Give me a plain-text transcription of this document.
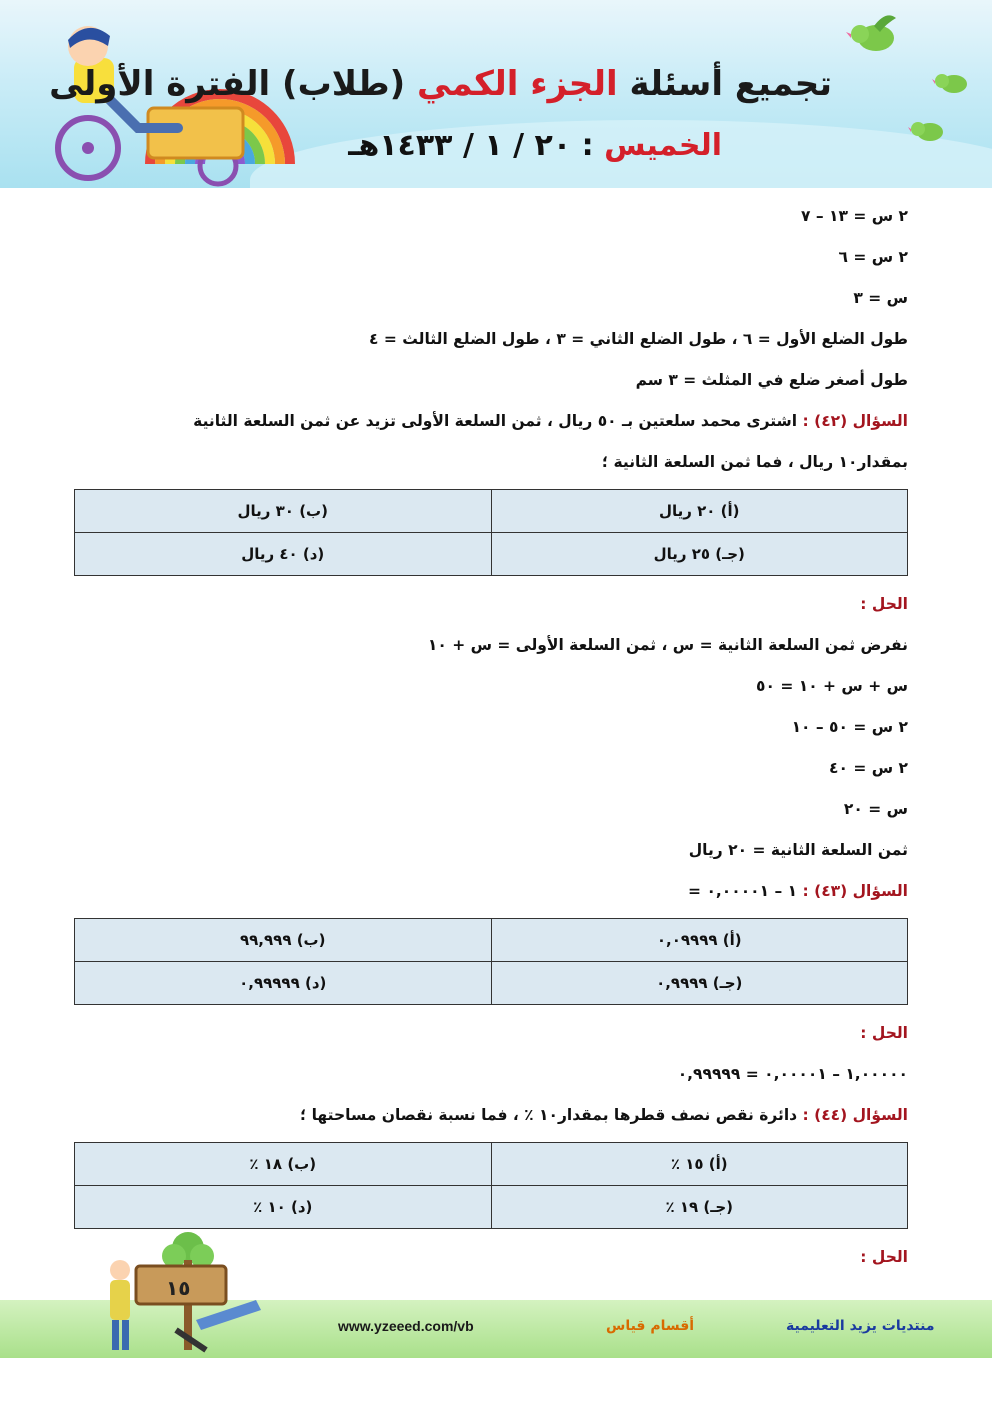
تجميع أسئلة الجزء الكمي (طلاب) الفترة الأولى
الخميس : ٢٠ / ١ / ١٤٣٣هـ
٢ س = ١٣ – ٧
٢ س = ٦
س = ٣
طول الضلع الأول = ٦ ، طول الضلع الثاني = ٣ ، طول الضلع الثالث = ٤
طول أصغر ضلع في المثلث = ٣ سم
السؤال (٤٢) : اشترى محمد سلعتين بـ ٥٠ ريال ، ثمن السلعة الأولى تزيد عن ثمن السلعة الثانية
بمقدار١٠ ريال ، فما ثمن السلعة الثانية ؛
(أ) ٢٠ ريال	(ب) ٣٠ ريال
(جـ) ٢٥ ريال	(د) ٤٠ ريال
الحل :
نفرض ثمن السلعة الثانية = س ، ثمن السلعة الأولى = س + ١٠
س + س + ١٠ = ٥٠
٢ س = ٥٠ – ١٠
٢ س = ٤٠
س = ٢٠
ثمن السلعة الثانية = ٢٠ ريال
السؤال (٤٣) : ١ – ٠,٠٠٠٠١ =
(أ) ٠,٠٩٩٩٩	(ب) ٩٩,٩٩٩
(جـ) ٠,٩٩٩٩	(د) ٠,٩٩٩٩٩
الحل :
١,٠٠٠٠٠ – ٠,٠٠٠٠١ = ٠,٩٩٩٩٩
السؤال (٤٤) : دائرة نقص نصف قطرها بمقدار١٠ ٪ ، فما نسبة نقصان مساحتها ؛
(أ) ١٥ ٪	(ب) ١٨ ٪
(جـ) ١٩ ٪	(د) ١٠ ٪
الحل :
١٥
www.yzeeed.com/vb	أقسام قياس	منتديات يزيد التعليمية
